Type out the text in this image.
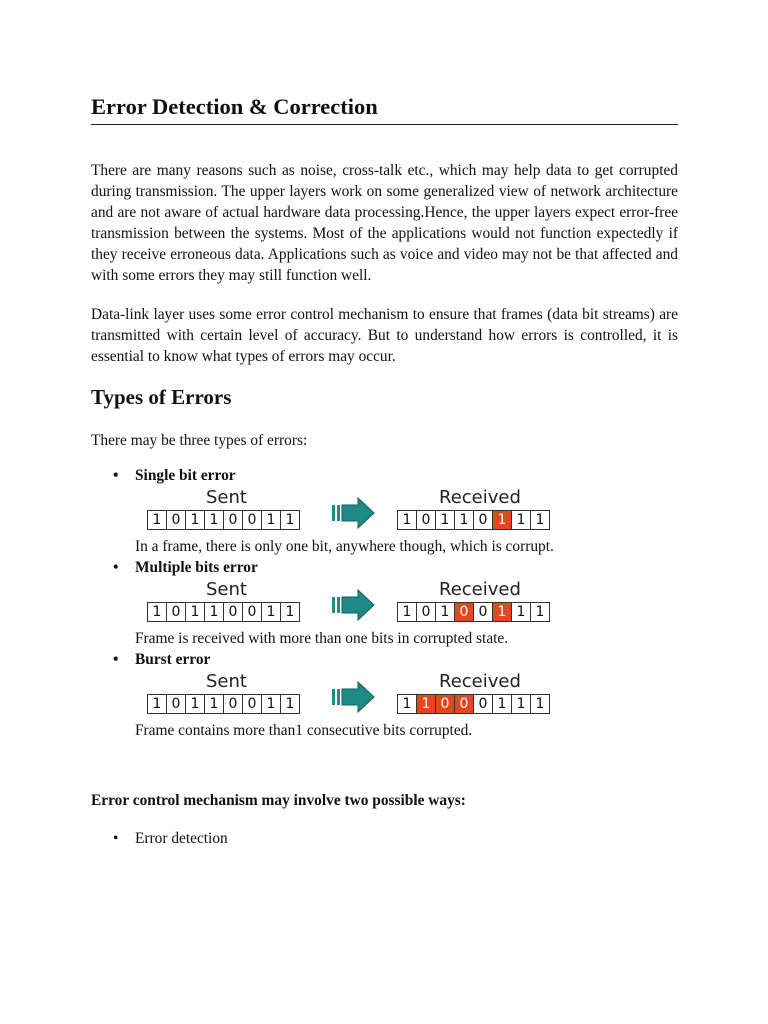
Error Detection & Correction

There are many reasons such as noise, cross-talk etc., which may help data to get corrupted during transmission. The upper layers work on some generalized view of network architecture and are not aware of actual hardware data processing.Hence, the upper layers expect error-free transmission between the systems. Most of the applications would not function expectedly if they receive erroneous data. Applications such as voice and video may not be that affected and with some errors they may still function well.

Data-link layer uses some error control mechanism to ensure that frames (data bit streams) are transmitted with certain level of accuracy. But to understand how errors is controlled, it is essential to know what types of errors may occur.

Types of Errors

There may be three types of errors:

• Single bit error
Sent	Received
1 0 1 1 0 0 1 1	1 0 1 1 0 1 1 1

In a frame, there is only one bit, anywhere though, which is corrupt.

• Multiple bits error
Sent	Received
1 0 1 1 0 0 1 1	1 0 1 0 0 1 1 1

Frame is received with more than one bits in corrupted state.

• Burst error
Sent	Received
1 0 1 1 0 0 1 1	1 1 0 0 0 1 1 1

Frame contains more than1 consecutive bits corrupted.

Error control mechanism may involve two possible ways:

• Error detection
